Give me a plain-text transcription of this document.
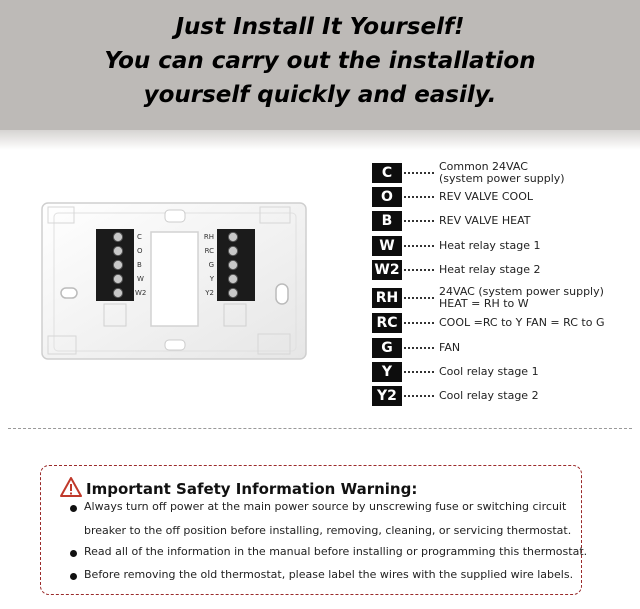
Just Install It Yourself!
You can carry out the installation
yourself quickly and easily.
C
O
B
W
W2
RH
RC
G
Y
Y2
C	Common 24VAC
(system power supply)
O	REV VALVE COOL
B	REV VALVE HEAT
W	Heat relay stage 1
W2	Heat relay stage 2
RH	24VAC (system power supply)
HEAT = RH to W
RC	COOL =RC to Y FAN = RC to G
G	FAN
Y	Cool relay stage 1
Y2	Cool relay stage 2
Important Safety Information Warning:
Always turn off power at the main power source by unscrewing fuse or switching circuit
breaker to the off position before installing, removing, cleaning, or servicing thermostat.
Read all of the information in the manual before installing or programming this thermostat.
Before removing the old thermostat, please label the wires with the supplied wire labels.
